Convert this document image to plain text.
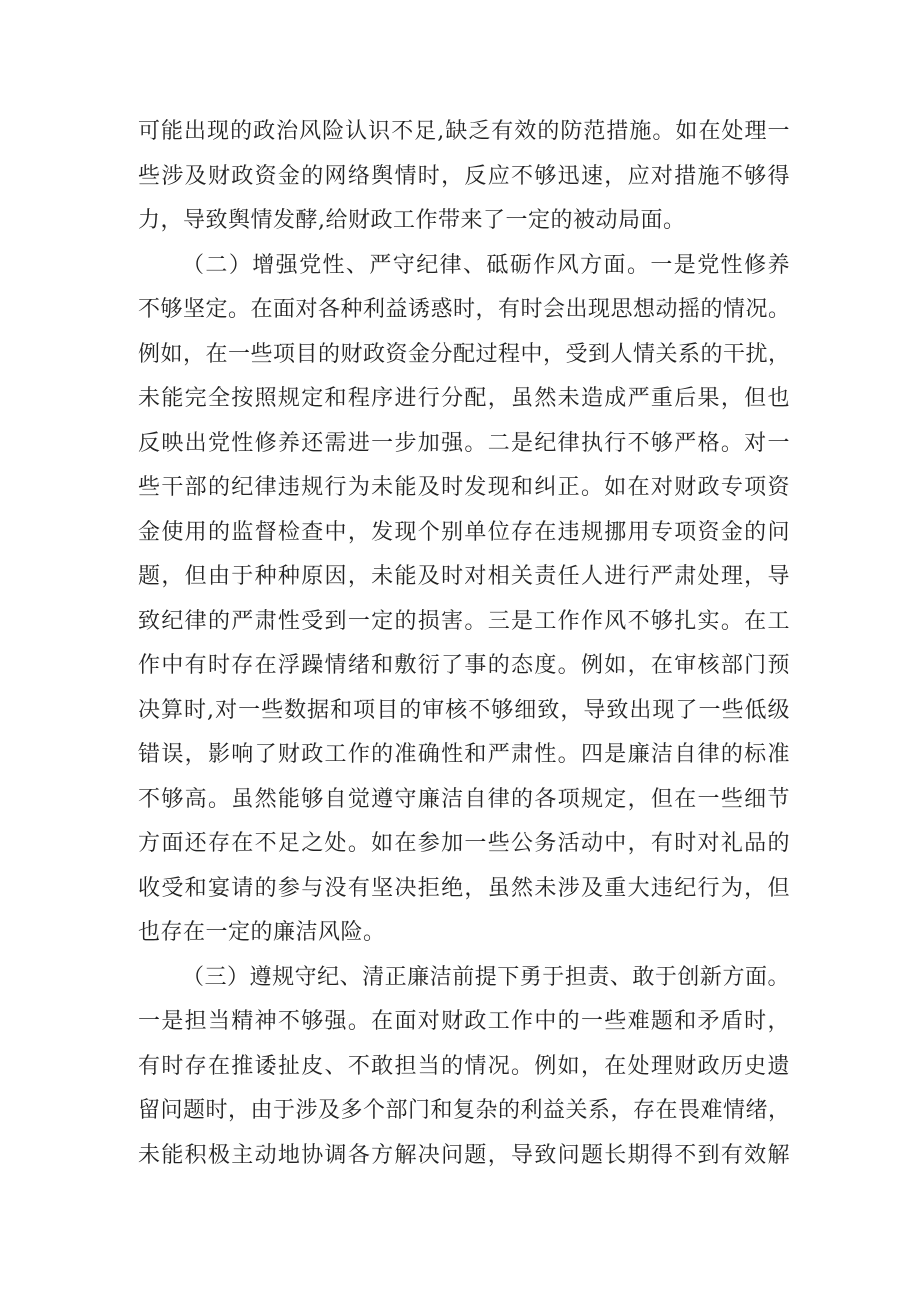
可能出现的政治风险认识不足,缺乏有效的防范措施。如在处理一
些涉及财政资金的网络舆情时，反应不够迅速，应对措施不够得
力，导致舆情发酵,给财政工作带来了一定的被动局面。
（二）增强党性、严守纪律、砥砺作风方面。一是党性修养
不够坚定。在面对各种利益诱惑时，有时会出现思想动摇的情况。
例如，在一些项目的财政资金分配过程中，受到人情关系的干扰，
未能完全按照规定和程序进行分配，虽然未造成严重后果，但也
反映出党性修养还需进一步加强。二是纪律执行不够严格。对一
些干部的纪律违规行为未能及时发现和纠正。如在对财政专项资
金使用的监督检查中，发现个别单位存在违规挪用专项资金的问
题，但由于种种原因，未能及时对相关责任人进行严肃处理，导
致纪律的严肃性受到一定的损害。三是工作作风不够扎实。在工
作中有时存在浮躁情绪和敷衍了事的态度。例如，在审核部门预
决算时,对一些数据和项目的审核不够细致，导致出现了一些低级
错误，影响了财政工作的准确性和严肃性。四是廉洁自律的标准
不够高。虽然能够自觉遵守廉洁自律的各项规定，但在一些细节
方面还存在不足之处。如在参加一些公务活动中，有时对礼品的
收受和宴请的参与没有坚决拒绝，虽然未涉及重大违纪行为，但
也存在一定的廉洁风险。
（三）遵规守纪、清正廉洁前提下勇于担责、敢于创新方面。
一是担当精神不够强。在面对财政工作中的一些难题和矛盾时，
有时存在推诿扯皮、不敢担当的情况。例如，在处理财政历史遗
留问题时，由于涉及多个部门和复杂的利益关系，存在畏难情绪，
未能积极主动地协调各方解决问题，导致问题长期得不到有效解
